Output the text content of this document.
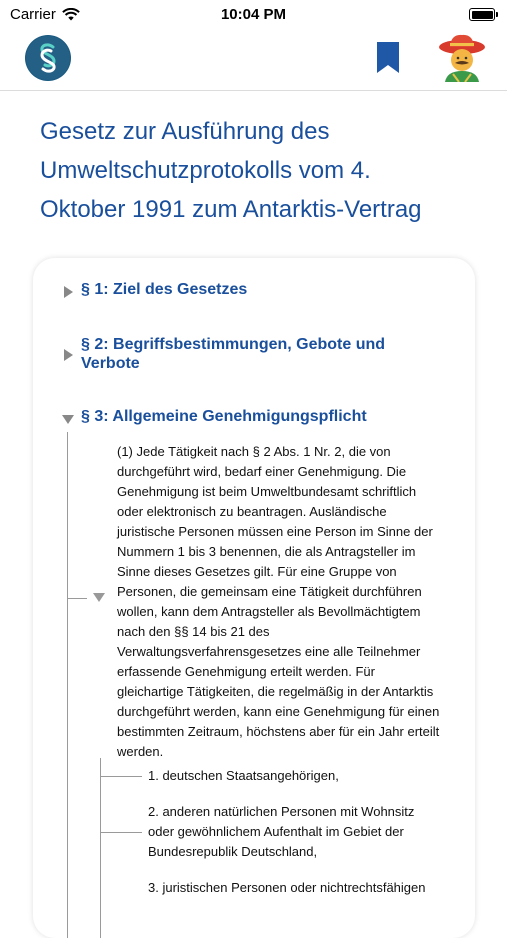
Carrier	10:04 PM
Gesetz zur Ausführung des
Umweltschutzprotokolls vom 4.
Oktober 1991 zum Antarktis-Vertrag
§ 1: Ziel des Gesetzes
§ 2: Begriffsbestimmungen, Gebote und
Verbote
§ 3: Allgemeine Genehmigungspflicht
(1) Jede Tätigkeit nach § 2 Abs. 1 Nr. 2, die von
durchgeführt wird, bedarf einer Genehmigung. Die
Genehmigung ist beim Umweltbundesamt schriftlich
oder elektronisch zu beantragen. Ausländische
juristische Personen müssen eine Person im Sinne der
Nummern 1 bis 3 benennen, die als Antragsteller im
Sinne dieses Gesetzes gilt. Für eine Gruppe von
Personen, die gemeinsam eine Tätigkeit durchführen
wollen, kann dem Antragsteller als Bevollmächtigtem
nach den §§ 14 bis 21 des
Verwaltungsverfahrensgesetzes eine alle Teilnehmer
erfassende Genehmigung erteilt werden. Für
gleichartige Tätigkeiten, die regelmäßig in der Antarktis
durchgeführt werden, kann eine Genehmigung für einen
bestimmten Zeitraum, höchstens aber für ein Jahr erteilt
werden.
1. deutschen Staatsangehörigen,
2. anderen natürlichen Personen mit Wohnsitz
oder gewöhnlichem Aufenthalt im Gebiet der
Bundesrepublik Deutschland,
3. juristischen Personen oder nichtrechtsfähigen
